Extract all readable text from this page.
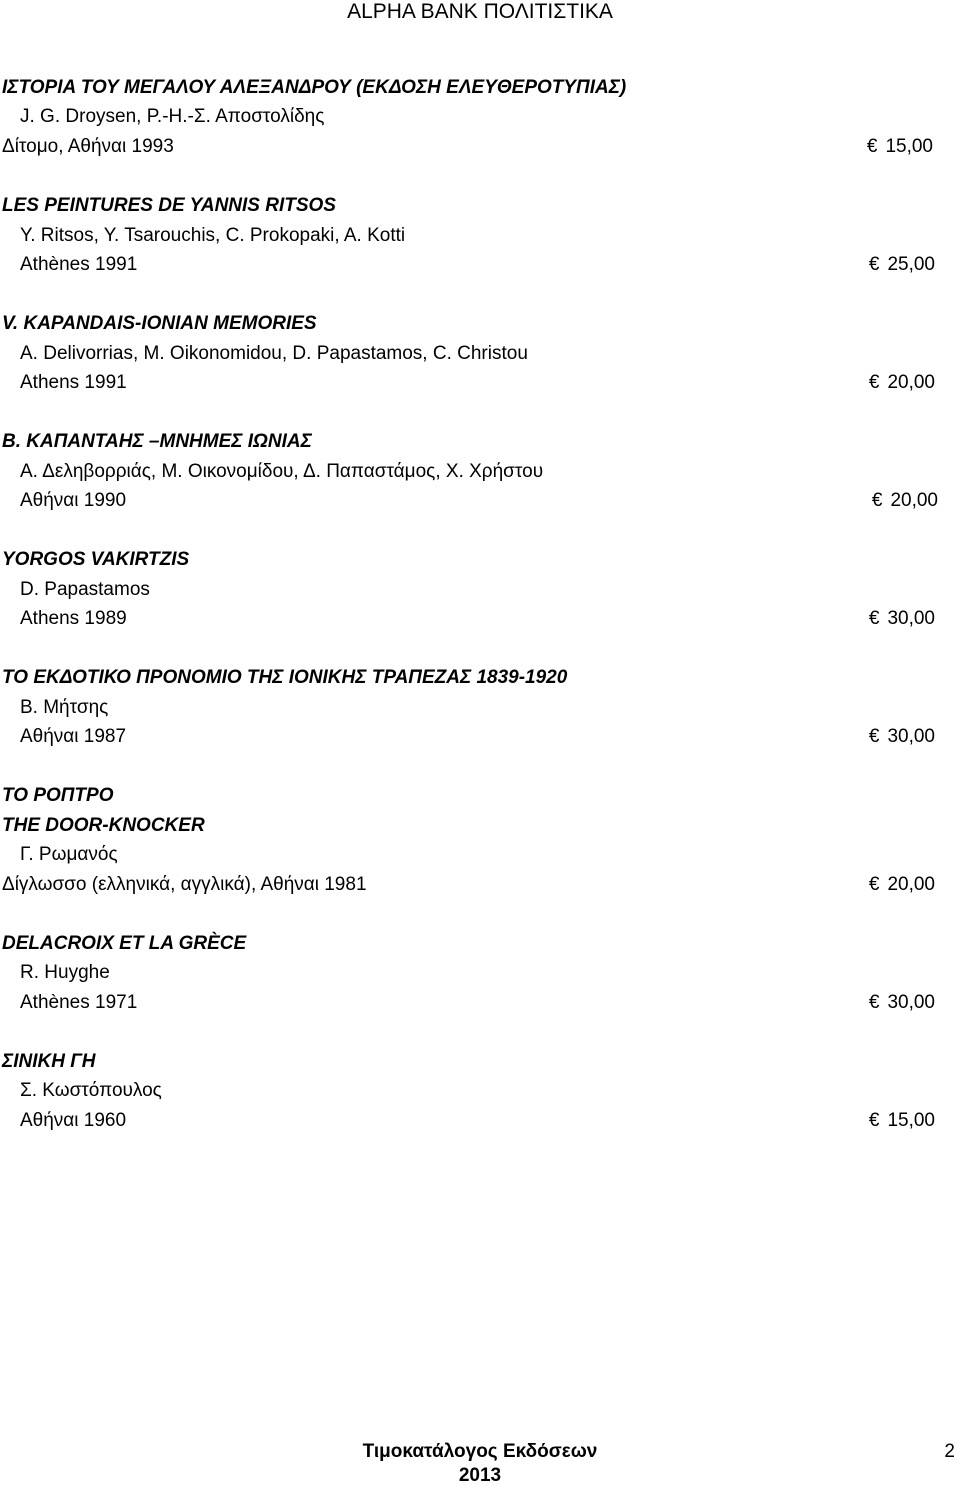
ALPHA BANK ΠΟΛΙΤΙΣΤΙΚΑ
ΙΣΤΟΡΙΑ ΤΟΥ ΜΕΓΑΛΟΥ ΑΛΕΞΑΝΔΡΟΥ (ΕΚΔΟΣΗ ΕΛΕΥΘΕΡΟΤΥΠΙΑΣ)
J. G. Droysen, P.-H.-Σ. Αποστολίδης
Δίτομο, Αθήναι 1993	€ 15,00
LES PEINTURES DE YANNIS RITSOS
Y. Ritsos, Y. Tsarouchis, C. Prokopaki, A. Kotti
Athènes 1991	€ 25,00
V. KAPANDAIS-IONIAN MEMORIES
A. Delivorrias, M. Oikonomidou, D. Papastamos, C. Christou
Athens 1991	€ 20,00
Β. ΚΑΠΑΝΤΑΗΣ –ΜΝΗΜΕΣ ΙΩΝΙΑΣ
Α. Δεληβορριάς, Μ. Οικονομίδου, Δ. Παπαστάμος, Χ. Χρήστου
Αθήναι 1990	€ 20,00
YORGOS VAKIRTZIS
D. Papastamos
Athens 1989	€ 30,00
ΤΟ ΕΚΔΟΤΙΚΟ ΠΡΟΝΟΜΙΟ ΤΗΣ ΙΟΝΙΚΗΣ ΤΡΑΠΕΖΑΣ 1839-1920
Β. Μήτσης
Αθήναι 1987	€ 30,00
ΤΟ ΡΟΠΤΡΟ
THE DOOR-KNOCKER
Γ. Ρωμανός
Δίγλωσσο (ελληνικά, αγγλικά), Αθήναι 1981	€ 20,00
DELACROIX ET LA GRÈCE
R. Huyghe
Athènes 1971	€ 30,00
ΣΙΝΙΚΗ ΓΗ
Σ. Κωστόπουλος
Αθήναι 1960	€ 15,00
Τιμοκατάλογος Εκδόσεων
2013
2
